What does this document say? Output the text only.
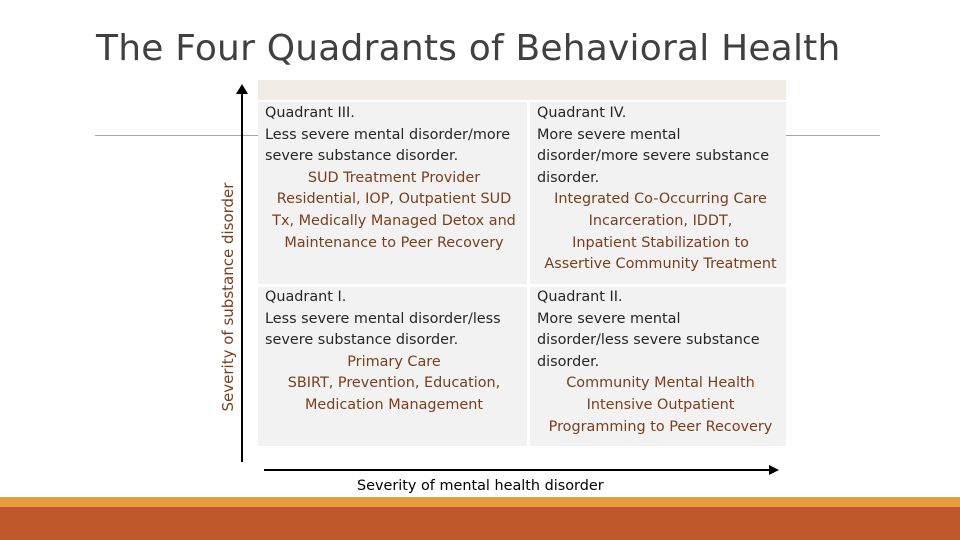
The Four Quadrants of Behavioral Health
Quadrant III.
Less severe mental disorder/more
severe substance disorder.
SUD Treatment Provider
Residential, IOP, Outpatient SUD
Tx, Medically Managed Detox and
Maintenance to Peer Recovery
Quadrant IV.
More severe mental
disorder/more severe substance
disorder.
Integrated Co-Occurring Care
Incarceration, IDDT,
Inpatient Stabilization to
Assertive Community Treatment
Quadrant I.
Less severe mental disorder/less
severe substance disorder.
Primary Care
SBIRT, Prevention, Education,
Medication Management
Quadrant II.
More severe mental
disorder/less severe substance
disorder.
Community Mental Health
Intensive Outpatient
Programming to Peer Recovery
Severity of substance disorder
Severity of mental health disorder
